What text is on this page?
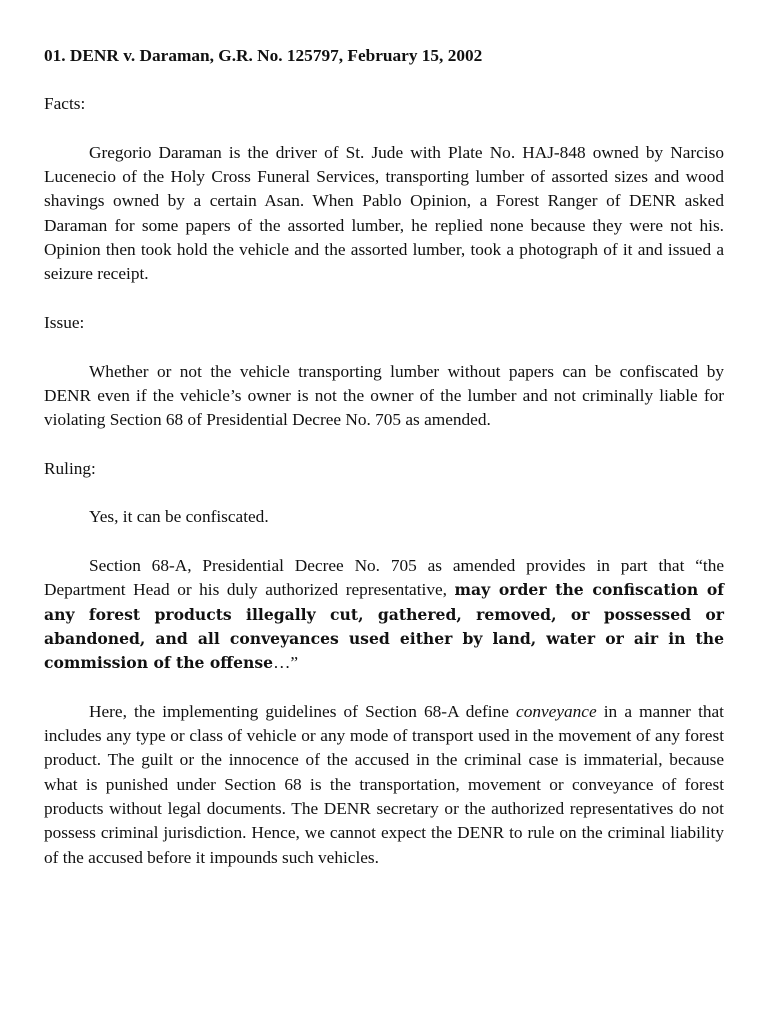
01. DENR v. Daraman, G.R. No. 125797, February 15, 2002

Facts:

Gregorio Daraman is the driver of St. Jude with Plate No. HAJ-848 owned by Narciso Lucenecio of the Holy Cross Funeral Services, transporting lumber of assorted sizes and wood shavings owned by a certain Asan. When Pablo Opinion, a Forest Ranger of DENR asked Daraman for some papers of the assorted lumber, he replied none because they were not his. Opinion then took hold the vehicle and the assorted lumber, took a photograph of it and issued a seizure receipt.

Issue:

Whether or not the vehicle transporting lumber without papers can be confiscated by DENR even if the vehicle’s owner is not the owner of the lumber and not criminally liable for violating Section 68 of Presidential Decree No. 705 as amended.

Ruling:

Yes, it can be confiscated.

Section 68-A, Presidential Decree No. 705 as amended provides in part that “the Department Head or his duly authorized representative, may order the confiscation of any forest products illegally cut, gathered, removed, or possessed or abandoned, and all conveyances used either by land, water or air in the commission of the offense…”

Here, the implementing guidelines of Section 68-A define conveyance in a manner that includes any type or class of vehicle or any mode of transport used in the movement of any forest product. The guilt or the innocence of the accused in the criminal case is immaterial, because what is punished under Section 68 is the transportation, movement or conveyance of forest products without legal documents. The DENR secretary or the authorized representatives do not possess criminal jurisdiction. Hence, we cannot expect the DENR to rule on the criminal liability of the accused before it impounds such vehicles.
